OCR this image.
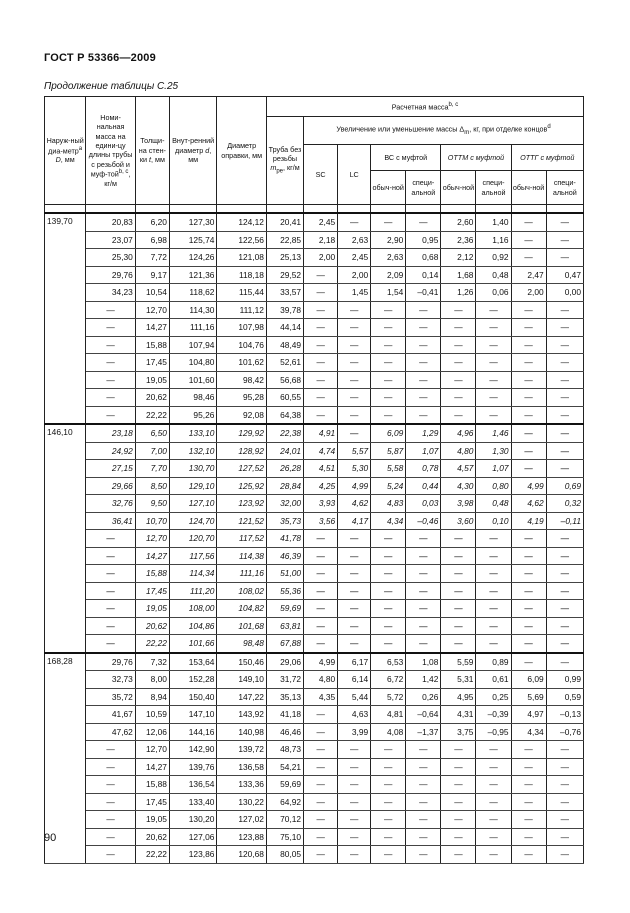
ГОСТ Р 53366—2009
Продолжение таблицы С.25
Наруж-ный диа-метр$^a$ D, мм	Номи-нальная масса на едини-цу длины трубы с резьбой и муф-той$^{b, c}$, кг/м	Толщи-на стен-ки t, мм	Внут-ренний диаметр d, мм	Диаметр оправки, мм	Расчетная масса$^{b, c}$
					Труба без резьбы $m_{pe}$, кг/м	Увеличение или уменьшение массы $\Delta_m$, кг, при отделке концов$^d$
						SC	LC	ВС с муфтой		ОТТМ с муфтой		ОТТГ с муфтой	
								обыч-ной	специ-альной	обыч-ной	специ-альной	обыч-ной	специ-альной

139,70	20,83	6,20	127,30	124,12	20,41	2,45	—	—	—	2,60	1,40	—	—
	23,07	6,98	125,74	122,56	22,85	2,18	2,63	2,90	0,95	2,36	1,16	—	—
	25,30	7,72	124,26	121,08	25,13	2,00	2,45	2,63	0,68	2,12	0,92	—	—
	29,76	9,17	121,36	118,18	29,52	—	2,00	2,09	0,14	1,68	0,48	2,47	0,47
	34,23	10,54	118,62	115,44	33,57	—	1,45	1,54	–0,41	1,26	0,06	2,00	0,00
	—	12,70	114,30	111,12	39,78	—	—	—	—	—	—	—	—
	—	14,27	111,16	107,98	44,14	—	—	—	—	—	—	—	—
	—	15,88	107,94	104,76	48,49	—	—	—	—	—	—	—	—
	—	17,45	104,80	101,62	52,61	—	—	—	—	—	—	—	—
	—	19,05	101,60	98,42	56,68	—	—	—	—	—	—	—	—
	—	20,62	98,46	95,28	60,55	—	—	—	—	—	—	—	—
	—	22,22	95,26	92,08	64,38	—	—	—	—	—	—	—	—
146,10	23,18	6,50	133,10	129,92	22,38	4,91	—	6,09	1,29	4,96	1,46	—	—
	24,92	7,00	132,10	128,92	24,01	4,74	5,57	5,87	1,07	4,80	1,30	—	—
	27,15	7,70	130,70	127,52	26,28	4,51	5,30	5,58	0,78	4,57	1,07	—	—
	29,66	8,50	129,10	125,92	28,84	4,25	4,99	5,24	0,44	4,30	0,80	4,99	0,69
	32,76	9,50	127,10	123,92	32,00	3,93	4,62	4,83	0,03	3,98	0,48	4,62	0,32
	36,41	10,70	124,70	121,52	35,73	3,56	4,17	4,34	–0,46	3,60	0,10	4,19	–0,11
	—	12,70	120,70	117,52	41,78	—	—	—	—	—	—	—	—
	—	14,27	117,56	114,38	46,39	—	—	—	—	—	—	—	—
	—	15,88	114,34	111,16	51,00	—	—	—	—	—	—	—	—
	—	17,45	111,20	108,02	55,36	—	—	—	—	—	—	—	—
	—	19,05	108,00	104,82	59,69	—	—	—	—	—	—	—	—
	—	20,62	104,86	101,68	63,81	—	—	—	—	—	—	—	—
	—	22,22	101,66	98,48	67,88	—	—	—	—	—	—	—	—
168,28	29,76	7,32	153,64	150,46	29,06	4,99	6,17	6,53	1,08	5,59	0,89	—	—
	32,73	8,00	152,28	149,10	31,72	4,80	6,14	6,72	1,42	5,31	0,61	6,09	0,99
	35,72	8,94	150,40	147,22	35,13	4,35	5,44	5,72	0,26	4,95	0,25	5,69	0,59
	41,67	10,59	147,10	143,92	41,18	—	4,63	4,81	–0,64	4,31	–0,39	4,97	–0,13
	47,62	12,06	144,16	140,98	46,46	—	3,99	4,08	–1,37	3,75	–0,95	4,34	–0,76
	—	12,70	142,90	139,72	48,73	—	—	—	—	—	—	—	—
	—	14,27	139,76	136,58	54,21	—	—	—	—	—	—	—	—
	—	15,88	136,54	133,36	59,69	—	—	—	—	—	—	—	—
	—	17,45	133,40	130,22	64,92	—	—	—	—	—	—	—	—
	—	19,05	130,20	127,02	70,12	—	—	—	—	—	—	—	—
	—	20,62	127,06	123,88	75,10	—	—	—	—	—	—	—	—
	—	22,22	123,86	120,68	80,05	—	—	—	—	—	—	—	—
90
